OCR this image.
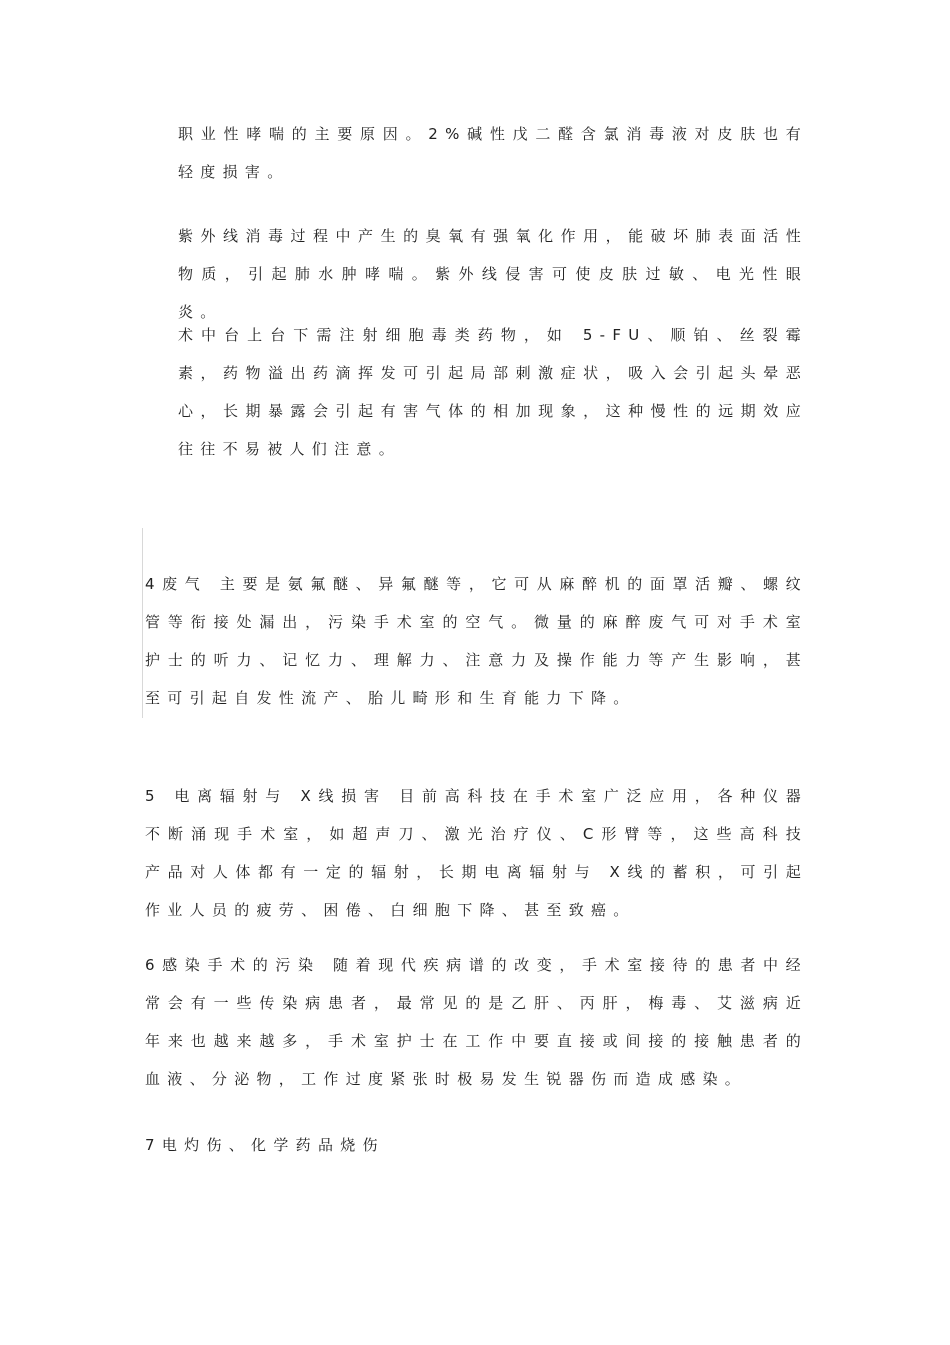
职业性哮喘的主要原因。2%碱性戊二醛含氯消毒液对皮肤也有轻度损害。

紫外线消毒过程中产生的臭氧有强氧化作用，能破坏肺表面活性物质，引起肺水肿哮喘。紫外线侵害可使皮肤过敏、电光性眼炎。

术中台上台下需注射细胞毒类药物，如 5-FU、顺铂、丝裂霉素，药物溢出药滴挥发可引起局部刺激症状，吸入会引起头晕恶心，长期暴露会引起有害气体的相加现象，这种慢性的远期效应往往不易被人们注意。

4废气 主要是氨氟醚、异氟醚等，它可从麻醉机的面罩活瓣、螺纹管等衔接处漏出，污染手术室的空气。微量的麻醉废气可对手术室护士的听力、记忆力、理解力、注意力及操作能力等产生影响，甚至可引起自发性流产、胎儿畸形和生育能力下降。

5 电离辐射与 X线损害 目前高科技在手术室广泛应用，各种仪器不断涌现手术室，如超声刀、激光治疗仪、C形臂等，这些高科技产品对人体都有一定的辐射，长期电离辐射与 X线的蓄积，可引起作业人员的疲劳、困倦、白细胞下降、甚至致癌。

6感染手术的污染 随着现代疾病谱的改变，手术室接待的患者中经常会有一些传染病患者，最常见的是乙肝、丙肝，梅毒、艾滋病近年来也越来越多，手术室护士在工作中要直接或间接的接触患者的血液、分泌物，工作过度紧张时极易发生锐器伤而造成感染。

7电灼伤、化学药品烧伤
